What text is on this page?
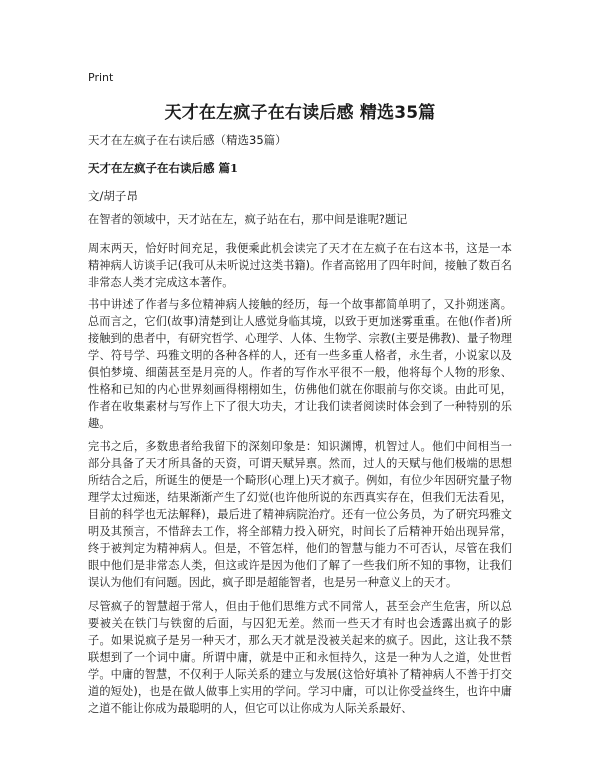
Print
天才在左疯子在右读后感 精选35篇
天才在左疯子在右读后感（精选35篇）
天才在左疯子在右读后感 篇1
文/胡子昂

在智者的领域中，天才站在左，疯子站在右，那中间是谁呢?题记

周末两天，恰好时间充足，我便乘此机会读完了天才在左疯子在右这本书，这是一本精神病人访谈手记(我可从未听说过这类书籍)。作者高铭用了四年时间，接触了数百名非常态人类才完成这本著作。

书中讲述了作者与多位精神病人接触的经历，每一个故事都简单明了，又扑朔迷离。总而言之，它们(故事)清楚到让人感觉身临其境，以致于更加迷雾重重。在他(作者)所接触到的患者中，有研究哲学、心理学、人体、生物学、宗教(主要是佛教)、量子物理学、符号学、玛雅文明的各种各样的人，还有一些多重人格者，永生者，小说家以及俱怕梦境、细菌甚至是月亮的人。作者的写作水平很不一般，他将每个人物的形象、性格和已知的内心世界刻画得栩栩如生，仿佛他们就在你眼前与你交谈。由此可见，作者在收集素材与写作上下了很大功夫，才让我们读者阅读时体会到了一种特别的乐趣。

完书之后，多数患者给我留下的深刻印象是：知识渊博，机智过人。他们中间相当一部分具备了天才所具备的天资，可谓天赋异禀。然而，过人的天赋与他们极端的思想所结合之后，所诞生的便是一个畸形(心理上)天才疯子。例如，有位少年因研究量子物理学太过痴迷，结果渐渐产生了幻觉(也许他所说的东西真实存在，但我们无法看见，目前的科学也无法解释)，最后进了精神病院治疗。还有一位公务员，为了研究玛雅文明及其预言，不惜辞去工作，将全部精力投入研究，时间长了后精神开始出现异常，终于被判定为精神病人。但是，不管怎样，他们的智慧与能力不可否认，尽管在我们眼中他们是非常态人类，但这或许是因为他们了解了一些我们所不知的事物，让我们误认为他们有问题。因此，疯子即是超能智者，也是另一种意义上的天才。

尽管疯子的智慧超于常人，但由于他们思维方式不同常人，甚至会产生危害，所以总要被关在铁门与铁窗的后面，与囚犯无差。然而一些天才有时也会透露出疯子的影子。如果说疯子是另一种天才，那么天才就是没被关起来的疯子。因此，这让我不禁联想到了一个词中庸。所谓中庸，就是中正和永恒持久，这是一种为人之道，处世哲学。中庸的智慧，不仅利于人际关系的建立与发展(这恰好填补了精神病人不善于打交道的短处)，也是在做人做事上实用的学问。学习中庸，可以让你受益终生，也许中庸之道不能让你成为最聪明的人，但它可以让你成为人际关系最好、
